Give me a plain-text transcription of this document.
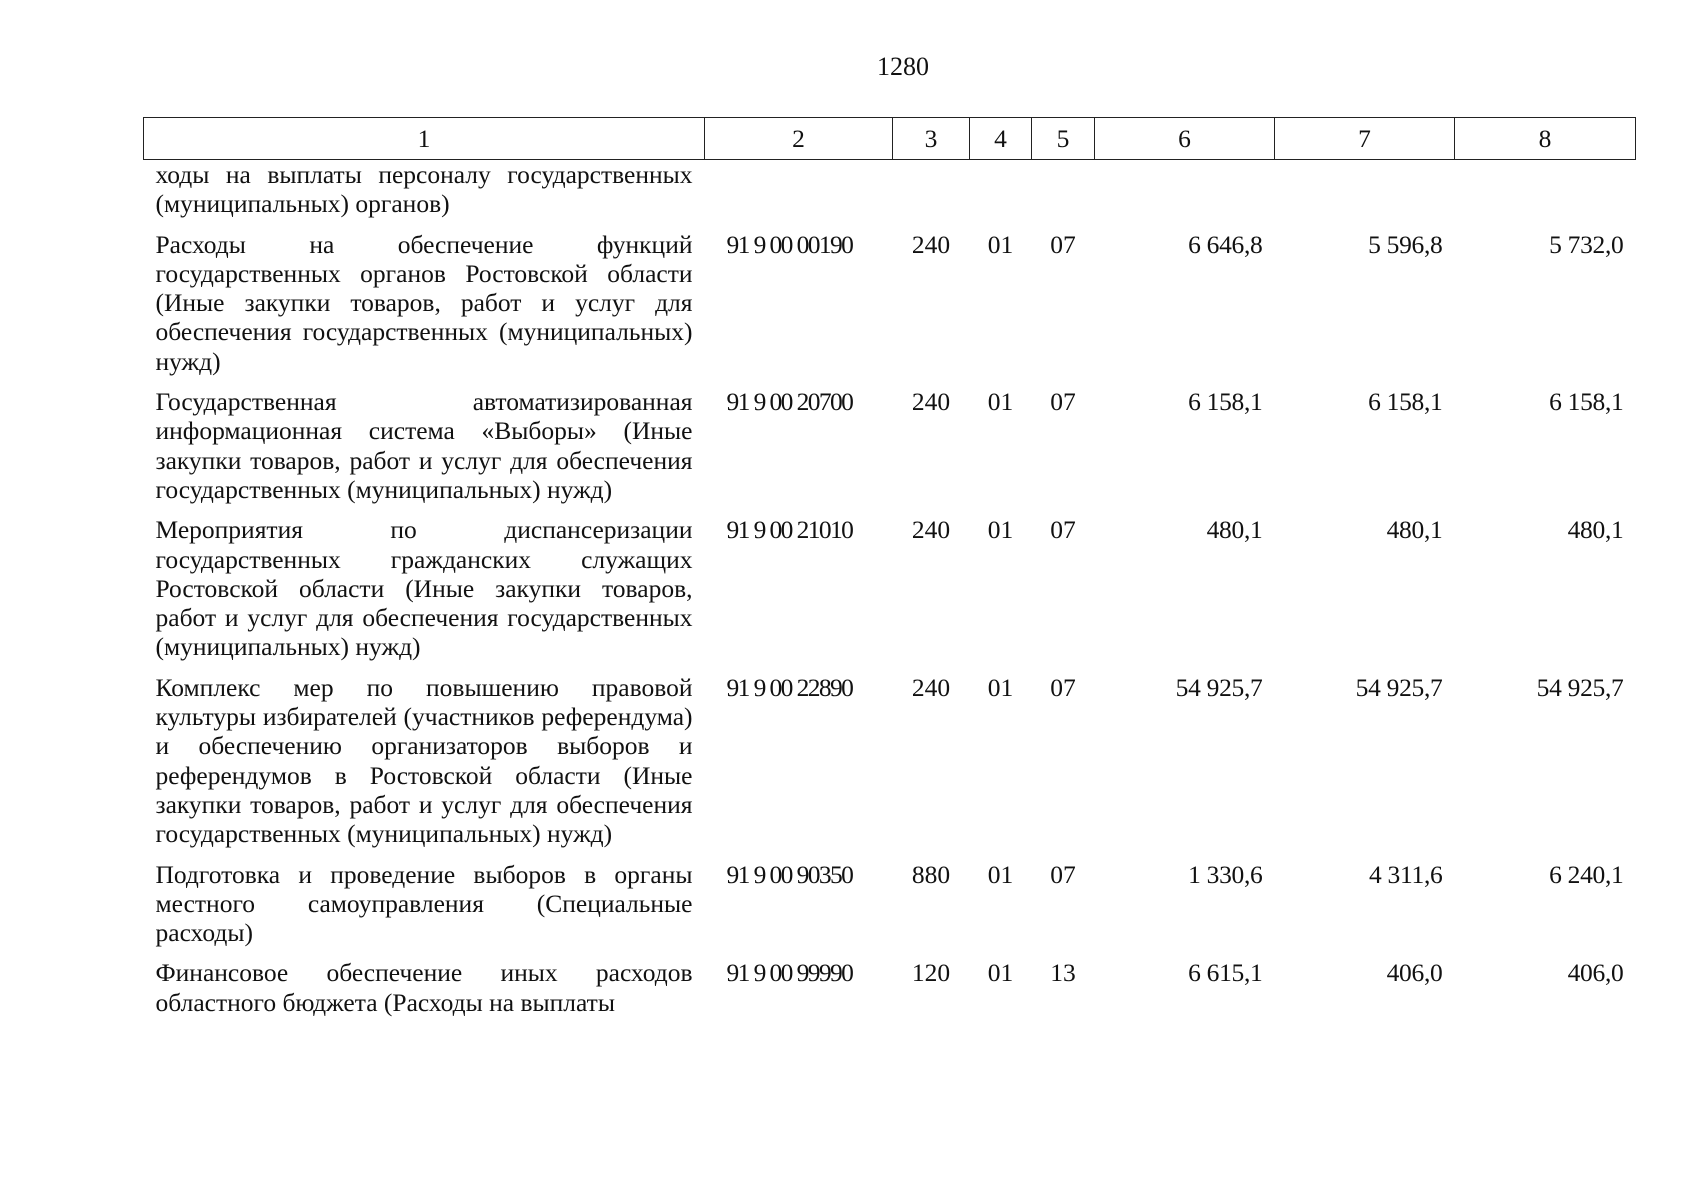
1280
1	2	3	4	5	6	7	8
ходы на выплаты персоналу государственных (муниципальных) органов)							
Расходы на обеспечение функций государственных органов Ростовской области (Иные закупки товаров, работ и услуг для обеспечения государственных (муниципальных) нужд)	91 9 00 00190	240	01	07	6 646,8	5 596,8	5 732,0
Государственная автоматизированная информационная система «Выборы» (Иные закупки товаров, работ и услуг для обеспечения государственных (муниципальных) нужд)	91 9 00 20700	240	01	07	6 158,1	6 158,1	6 158,1
Мероприятия по диспансеризации государственных гражданских служащих Ростовской области (Иные закупки товаров, работ и услуг для обеспечения государственных (муниципальных) нужд)	91 9 00 21010	240	01	07	480,1	480,1	480,1
Комплекс мер по повышению правовой культуры избирателей (участников референдума) и обеспечению организаторов выборов и референдумов в Ростовской области (Иные закупки товаров, работ и услуг для обеспечения государственных (муниципальных) нужд)	91 9 00 22890	240	01	07	54 925,7	54 925,7	54 925,7
Подготовка и проведение выборов в органы местного самоуправления (Специальные расходы)	91 9 00 90350	880	01	07	1 330,6	4 311,6	6 240,1
Финансовое обеспечение иных расходов областного бюджета (Расходы на выплаты	91 9 00 99990	120	01	13	6 615,1	406,0	406,0
